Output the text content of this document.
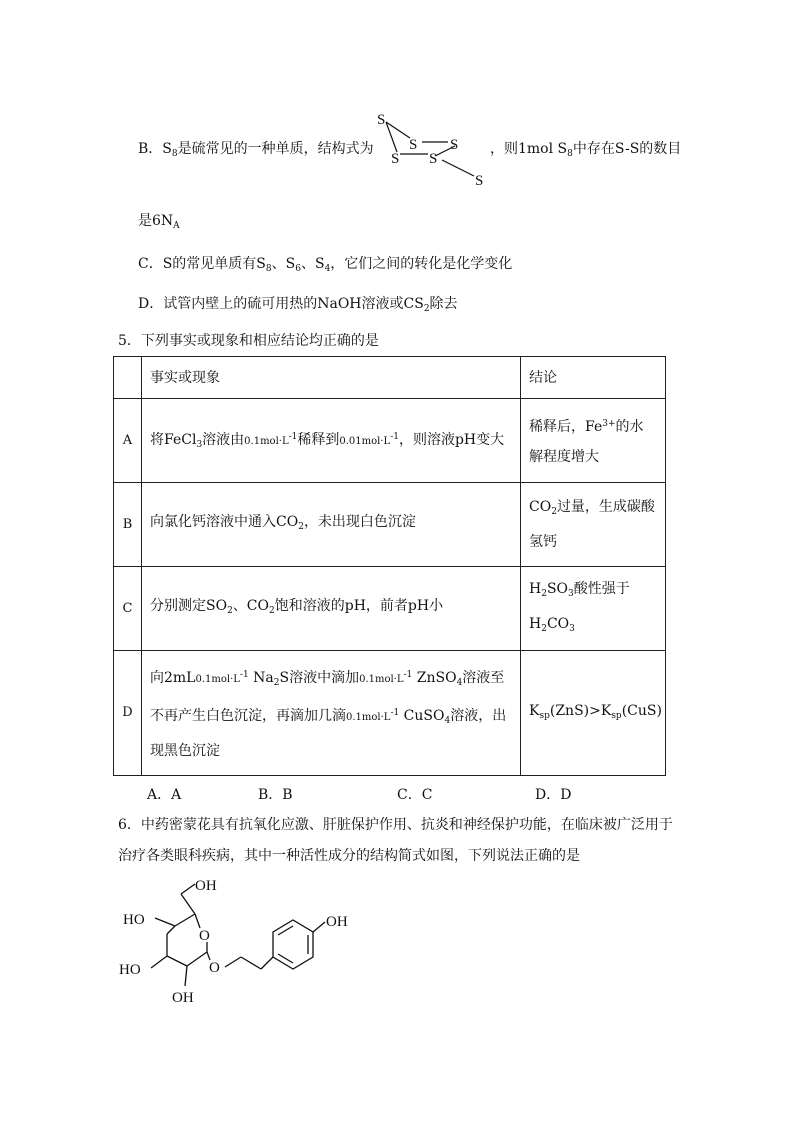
B．$S_8$是硫常见的一种单质，结构式为
S
S S
S S
S
，则1mol $S_8$中存在S-S的数目
是$6N_A$
C．S的常见单质有$S_8$、$S_6$、$S_4$，它们之间的转化是化学变化
D．试管内壁上的硫可用热的NaOH溶液或$CS_2$除去
5．下列事实或现象和相应结论均正确的是
	事实或现象	结论
A	将FeCl$_3$溶液由$0.1mol\cdot L^{-1}$稀释到$0.01mol\cdot L^{-1}$，则溶液pH变大	稀释后，$Fe^{3+}$的水解程度增大
B	向氯化钙溶液中通入$CO_2$，未出现白色沉淀	$CO_2$过量，生成碳酸氢钙
C	分别测定$SO_2$、$CO_2$饱和溶液的pH，前者pH小	$H_2SO_3$酸性强于$H_2CO_3$
D	向$2mL0.1mol\cdot L^{-1}$ $Na_2S$溶液中滴加$0.1mol\cdot L^{-1}$ ZnSO$_4$溶液至不再产生白色沉淀，再滴加几滴$0.1mol\cdot L^{-1}$ CuSO$_4$溶液，出现黑色沉淀	$K_{sp}(ZnS)>K_{sp}(CuS)$
A．A	B．B	C．C	D．D
6．中药密蒙花具有抗氧化应激、肝脏保护作用、抗炎和神经保护功能，在临床被广泛用于
治疗各类眼科疾病，其中一种活性成分的结构简式如图，下列说法正确的是
OH
HO
O
HO	O
OH
OH
